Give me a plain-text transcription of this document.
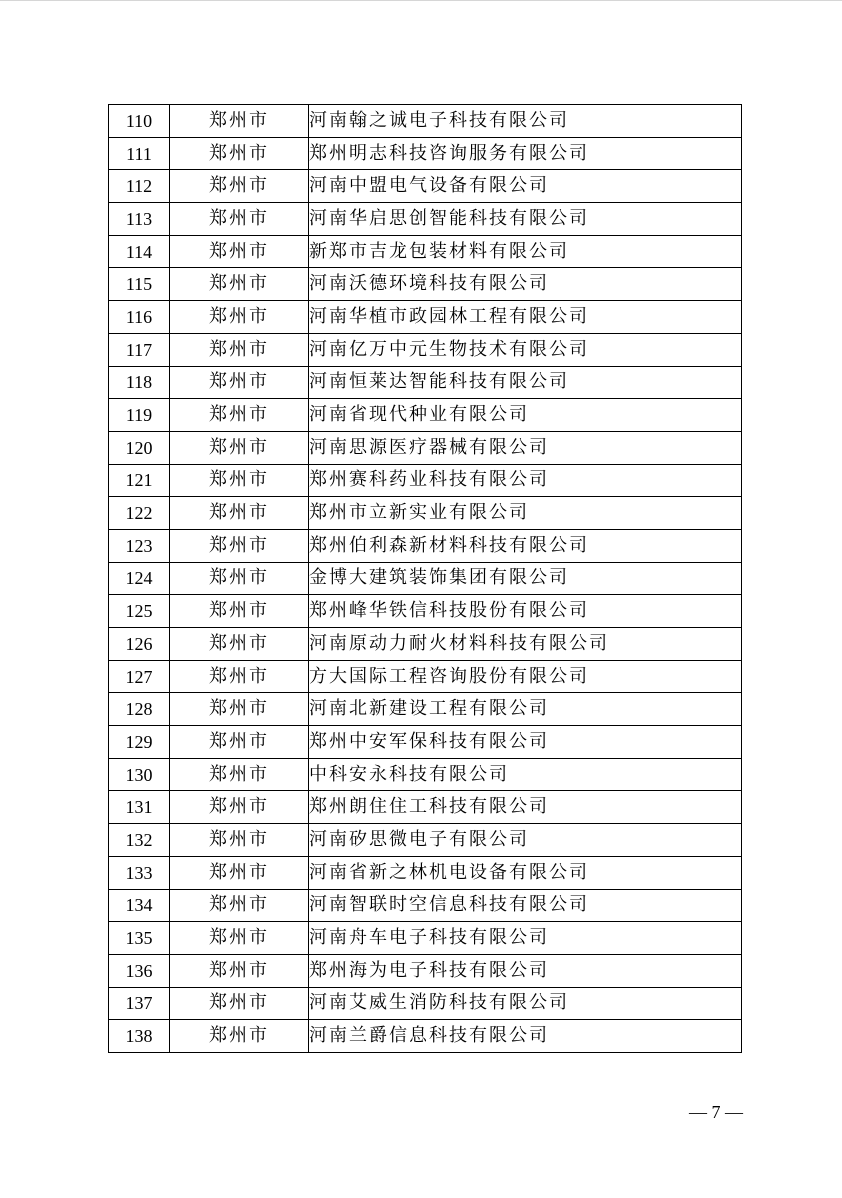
110	郑州市	河南翰之诚电子科技有限公司
111	郑州市	郑州明志科技咨询服务有限公司
112	郑州市	河南中盟电气设备有限公司
113	郑州市	河南华启思创智能科技有限公司
114	郑州市	新郑市吉龙包装材料有限公司
115	郑州市	河南沃德环境科技有限公司
116	郑州市	河南华植市政园林工程有限公司
117	郑州市	河南亿万中元生物技术有限公司
118	郑州市	河南恒莱达智能科技有限公司
119	郑州市	河南省现代种业有限公司
120	郑州市	河南思源医疗器械有限公司
121	郑州市	郑州赛科药业科技有限公司
122	郑州市	郑州市立新实业有限公司
123	郑州市	郑州伯利森新材料科技有限公司
124	郑州市	金博大建筑装饰集团有限公司
125	郑州市	郑州峰华铁信科技股份有限公司
126	郑州市	河南原动力耐火材料科技有限公司
127	郑州市	方大国际工程咨询股份有限公司
128	郑州市	河南北新建设工程有限公司
129	郑州市	郑州中安军保科技有限公司
130	郑州市	中科安永科技有限公司
131	郑州市	郑州朗住住工科技有限公司
132	郑州市	河南矽思微电子有限公司
133	郑州市	河南省新之林机电设备有限公司
134	郑州市	河南智联时空信息科技有限公司
135	郑州市	河南舟车电子科技有限公司
136	郑州市	郑州海为电子科技有限公司
137	郑州市	河南艾威生消防科技有限公司
138	郑州市	河南兰爵信息科技有限公司
— 7 —
